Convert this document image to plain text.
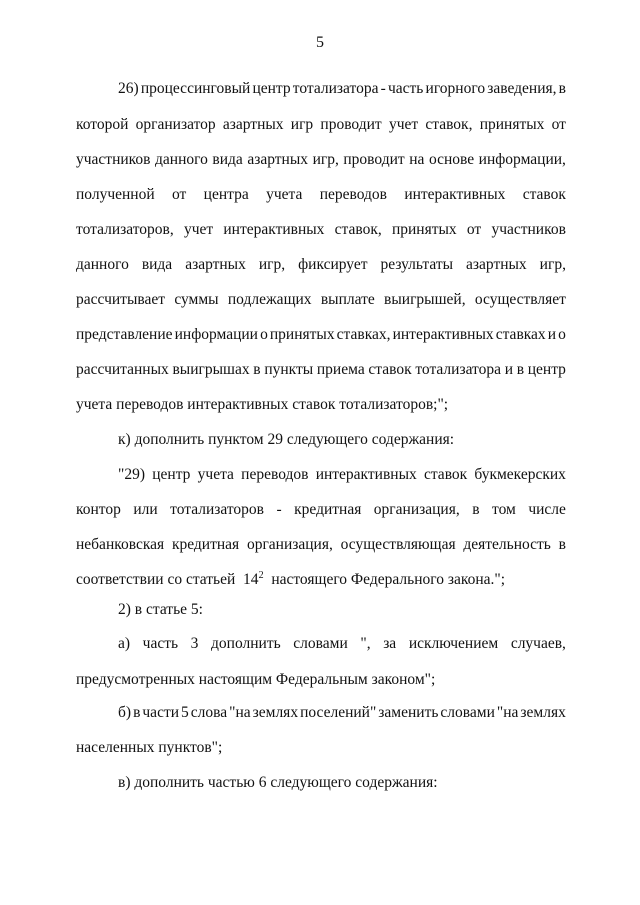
5
26) процессинговый центр тотализатора - часть игорного заведения, в
которой организатор азартных игр проводит учет ставок, принятых от
участников данного вида азартных игр, проводит на основе информации,
полученной от центра учета переводов интерактивных ставок
тотализаторов, учет интерактивных ставок, принятых от участников
данного вида азартных игр, фиксирует результаты азартных игр,
рассчитывает суммы подлежащих выплате выигрышей, осуществляет
представление информации о принятых ставках, интерактивных ставках и о
рассчитанных выигрышах в пункты приема ставок тотализатора и в центр
учета переводов интерактивных ставок тотализаторов;";
к) дополнить пунктом 29 следующего содержания:
"29) центр учета переводов интерактивных ставок букмекерских
контор или тотализаторов - кредитная организация, в том числе
небанковская кредитная организация, осуществляющая деятельность в
соответствии со статьей  $14^2$  настоящего Федерального закона.";
2) в статье 5:
а) часть 3 дополнить словами ", за исключением случаев,
предусмотренных настоящим Федеральным законом";
б) в части 5 слова "на землях поселений" заменить словами "на землях
населенных пунктов";
в) дополнить частью 6 следующего содержания:
